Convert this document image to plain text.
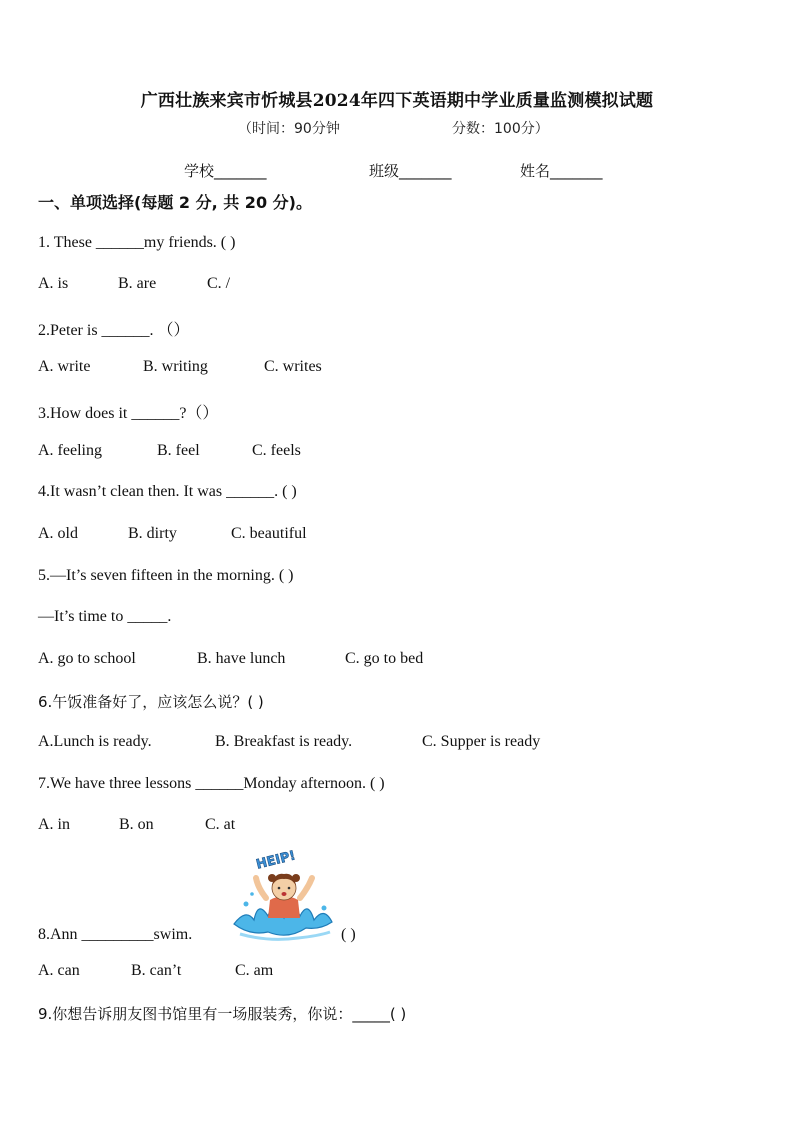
广西壮族来宾市忻城县2024年四下英语期中学业质量监测模拟试题
（时间：90分钟	分数：100分）
学校_______	班级_______	姓名_______
一、单项选择(每题 2 分, 共 20 分)。
1. These ______my friends. ( )
A. is	B. are	C. /
2.Peter is ______. （）
A. write	B. writing	C. writes
3.How does it ______?（）
A. feeling	B. feel	C. feels
4.It wasn’t clean then. It was ______. ( )
A. old	B. dirty	C. beautiful
5.—It’s seven fifteen in the morning. ( )
—It’s time to _____.
A. go to school	B. have lunch	C. go to bed
6.午饭准备好了，应该怎么说？( )
A.Lunch is ready.	B. Breakfast is ready.	C. Supper is ready
7.We have three lessons ______Monday afternoon. ( )
A. in	B. on	C. at
8.Ann _________swim.
HEIP!
( )
A. can	B. can’t	C. am
9.你想告诉朋友图书馆里有一场服装秀，你说：_____( )
